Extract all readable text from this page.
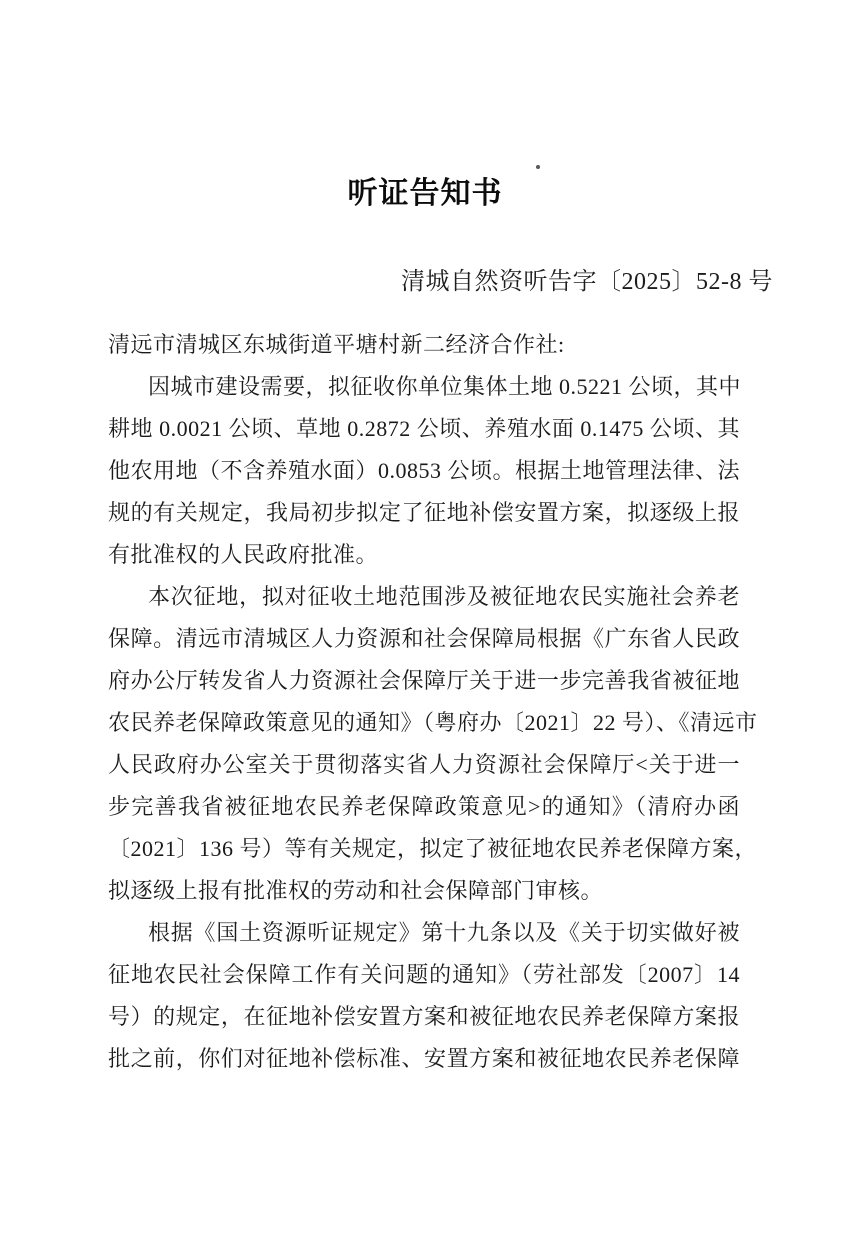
听证告知书
清城自然资听告字〔2025〕52-8 号
清远市清城区东城街道平塘村新二经济合作社:
因城市建设需要，拟征收你单位集体土地 0.5221 公顷，其中
耕地 0.0021 公顷、草地 0.2872 公顷、养殖水面 0.1475 公顷、其
他农用地（不含养殖水面）0.0853 公顷。根据土地管理法律、法
规的有关规定，我局初步拟定了征地补偿安置方案，拟逐级上报
有批准权的人民政府批准。
本次征地，拟对征收土地范围涉及被征地农民实施社会养老
保障。清远市清城区人力资源和社会保障局根据《广东省人民政
府办公厅转发省人力资源社会保障厅关于进一步完善我省被征地
农民养老保障政策意见的通知》（粤府办〔2021〕22 号）、《清远市
人民政府办公室关于贯彻落实省人力资源社会保障厅<关于进一
步完善我省被征地农民养老保障政策意见>的通知》（清府办函
〔2021〕136 号）等有关规定，拟定了被征地农民养老保障方案，
拟逐级上报有批准权的劳动和社会保障部门审核。
根据《国土资源听证规定》第十九条以及《关于切实做好被
征地农民社会保障工作有关问题的通知》（劳社部发〔2007〕14
号）的规定，在征地补偿安置方案和被征地农民养老保障方案报
批之前，你们对征地补偿标准、安置方案和被征地农民养老保障
